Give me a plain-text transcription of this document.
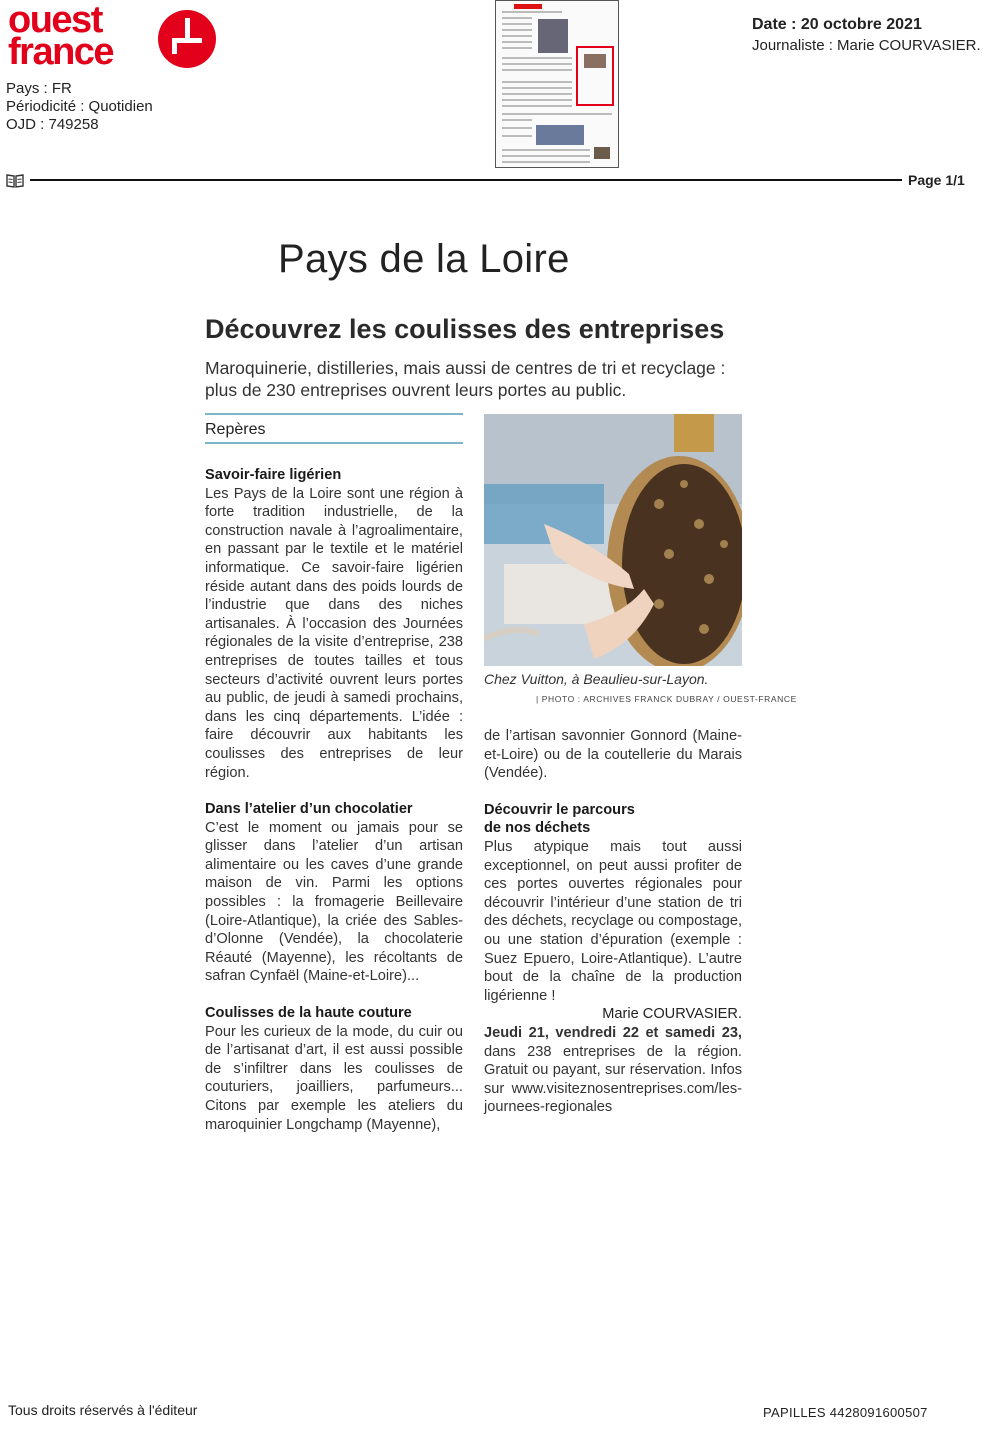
ouest
france
Pays : FR
Périodicité : Quotidien
OJD : 749258
Date : 20 octobre 2021
Journaliste : Marie COURVASIER.
Page 1/1
Pays de la Loire
Découvrez les coulisses des entreprises
Maroquinerie, distilleries, mais aussi de centres de tri et recyclage : plus de 230 entreprises ouvrent leurs portes au public.
Repères
Savoir-faire ligérien

Les Pays de la Loire sont une région à forte tradition industrielle, de la construction navale à l’agroalimentaire, en passant par le textile et le matériel informatique. Ce savoir-faire ligérien réside autant dans des poids lourds de l’industrie que dans des niches artisanales. À l’occasion des Journées régionales de la visite d’entreprise, 238 entreprises de toutes tailles et tous secteurs d’activité ouvrent leurs portes au public, de jeudi à samedi prochains, dans les cinq départements. L’idée : faire découvrir aux habitants les coulisses des entreprises de leur région.

Dans l’atelier d’un chocolatier

C’est le moment ou jamais pour se glisser dans l’atelier d’un artisan alimentaire ou les caves d’une grande maison de vin. Parmi les options possibles : la fromagerie Beillevaire (Loire-Atlantique), la criée des Sables-d’Olonne (Vendée), la chocolaterie Réauté (Mayenne), les récoltants de safran Cynfaël (Maine-et-Loire)...

Coulisses de la haute couture

Pour les curieux de la mode, du cuir ou de l’artisanat d’art, il est aussi possible de s’infiltrer dans les coulisses de couturiers, joailliers, parfumeurs... Citons par exemple les ateliers du maroquinier Longchamp (Mayenne),

Chez Vuitton, à Beaulieu-sur-Layon.
| PHOTO : ARCHIVES FRANCK DUBRAY / OUEST-FRANCE

de l’artisan savonnier Gonnord (Maine-et-Loire) ou de la coutellerie du Marais (Vendée).

Découvrir le parcours
de nos déchets

Plus atypique mais tout aussi exceptionnel, on peut aussi profiter de ces portes ouvertes régionales pour découvrir l’intérieur d’une station de tri des déchets, recyclage ou compostage, ou une station d’épuration (exemple : Suez Epuero, Loire-Atlantique). L’autre bout de la chaîne de la production ligérienne !

Marie COURVASIER.

Jeudi 21, vendredi 22 et samedi 23, dans 238 entreprises de la région. Gratuit ou payant, sur réservation. Infos sur www.visiteznosentreprises.com/les-journees-regionales

Tous droits réservés à l'éditeur	PAPILLES 4428091600507
